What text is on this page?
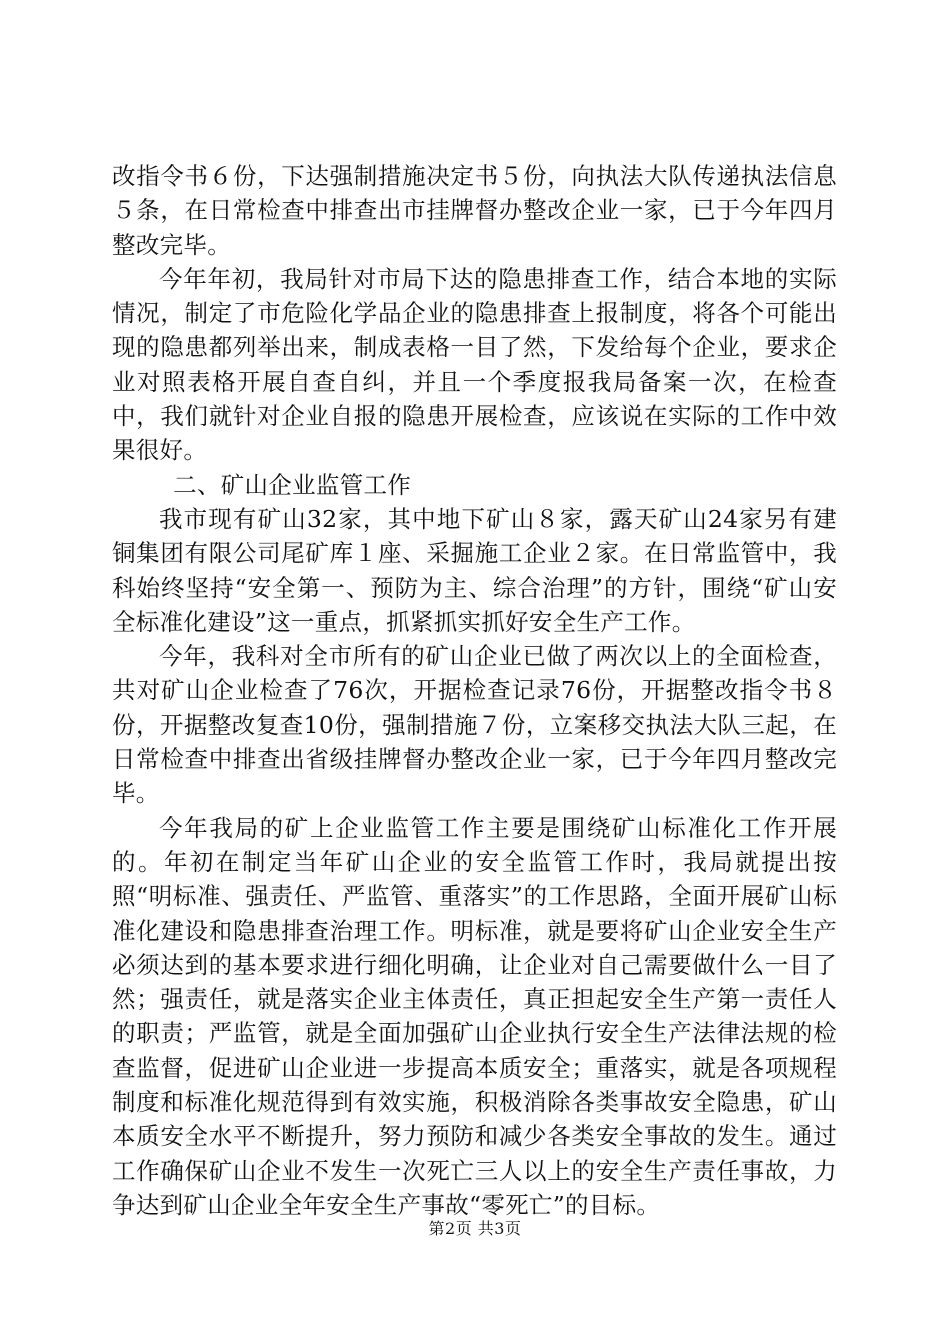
改指令书６份，下达强制措施决定书５份，向执法大队传递执法信息５条，在日常检查中排查出市挂牌督办整改企业一家，已于今年四月整改完毕。

今年年初，我局针对市局下达的隐患排查工作，结合本地的实际情况，制定了市危险化学品企业的隐患排查上报制度，将各个可能出现的隐患都列举出来，制成表格一目了然，下发给每个企业，要求企业对照表格开展自查自纠，并且一个季度报我局备案一次，在检查中，我们就针对企业自报的隐患开展检查，应该说在实际的工作中效果很好。

二、矿山企业监管工作

我市现有矿山32家，其中地下矿山８家，露天矿山24家另有建铜集团有限公司尾矿库１座、采掘施工企业２家。在日常监管中，我科始终坚持“安全第一、预防为主、综合治理”的方针，围绕“矿山安全标准化建设”这一重点，抓紧抓实抓好安全生产工作。

今年，我科对全市所有的矿山企业已做了两次以上的全面检查，共对矿山企业检查了76次，开据检查记录76份，开据整改指令书８份，开据整改复查10份，强制措施７份，立案移交执法大队三起，在日常检查中排查出省级挂牌督办整改企业一家，已于今年四月整改完毕。

今年我局的矿上企业监管工作主要是围绕矿山标准化工作开展的。年初在制定当年矿山企业的安全监管工作时，我局就提出按照“明标准、强责任、严监管、重落实”的工作思路，全面开展矿山标准化建设和隐患排查治理工作。明标准，就是要将矿山企业安全生产必须达到的基本要求进行细化明确，让企业对自己需要做什么一目了然；强责任，就是落实企业主体责任，真正担起安全生产第一责任人的职责；严监管，就是全面加强矿山企业执行安全生产法律法规的检查监督，促进矿山企业进一步提高本质安全；重落实，就是各项规程制度和标准化规范得到有效实施，积极消除各类事故安全隐患，矿山本质安全水平不断提升，努力预防和减少各类安全事故的发生。通过工作确保矿山企业不发生一次死亡三人以上的安全生产责任事故，力争达到矿山企业全年安全生产事故“零死亡”的目标。

第2页 共3页
